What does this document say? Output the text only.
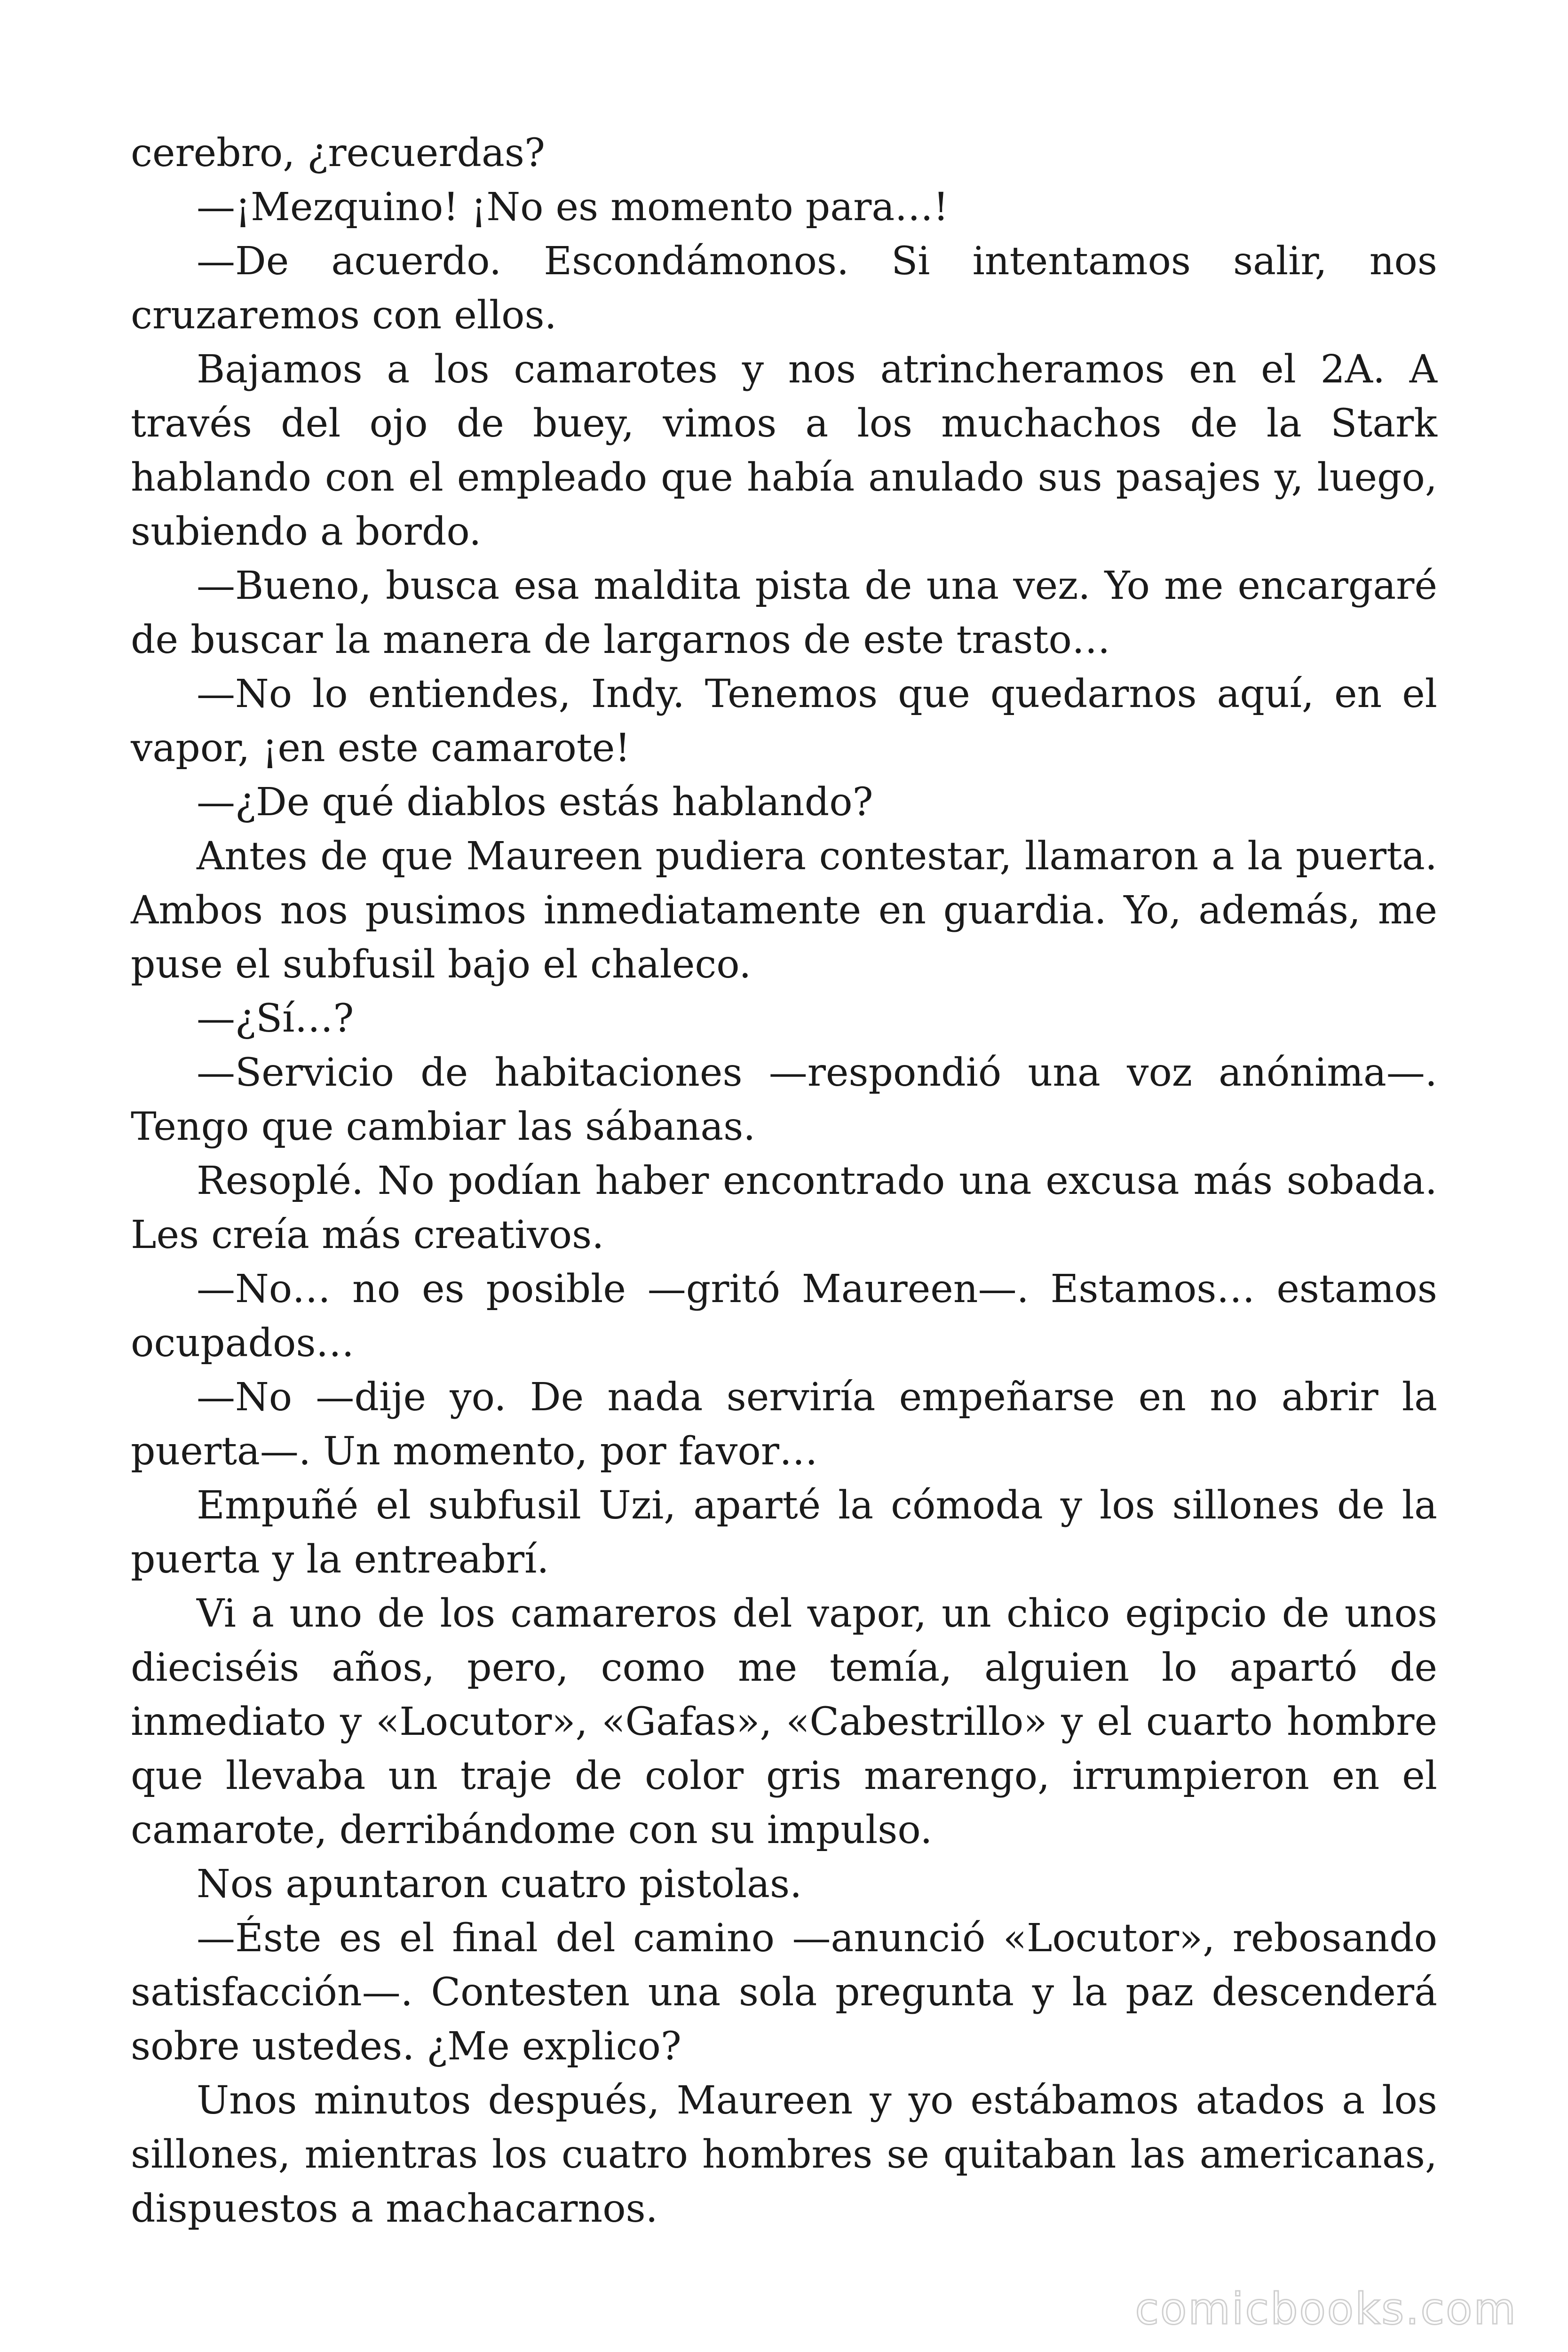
cerebro, ¿recuerdas?

—¡Mezquino! ¡No es momento para…!

—De acuerdo. Escondámonos. Si intentamos salir, nos cruzaremos con ellos.

Bajamos a los camarotes y nos atrincheramos en el 2A. A través del ojo de buey, vimos a los muchachos de la Stark hablando con el empleado que había anulado sus pasajes y, luego, subiendo a bordo.

—Bueno, busca esa maldita pista de una vez. Yo me encargaré de buscar la manera de largarnos de este trasto…

—No lo entiendes, Indy. Tenemos que quedarnos aquí, en el vapor, ¡en este camarote!

—¿De qué diablos estás hablando?

Antes de que Maureen pudiera contestar, llamaron a la puerta. Ambos nos pusimos inmediatamente en guardia. Yo, además, me puse el subfusil bajo el chaleco.

—¿Sí…?

—Servicio de habitaciones —respondió una voz anónima—. Tengo que cambiar las sábanas.

Resoplé. No podían haber encontrado una excusa más sobada. Les creía más creativos.

—No… no es posible —gritó Maureen—. Estamos… estamos ocupados…

—No —dije yo. De nada serviría empeñarse en no abrir la puerta—. Un momento, por favor…

Empuñé el subfusil Uzi, aparté la cómoda y los sillones de la puerta y la entreabrí.

Vi a uno de los camareros del vapor, un chico egipcio de unos dieciséis años, pero, como me temía, alguien lo apartó de inmediato y «Locutor», «Gafas», «Cabestrillo» y el cuarto hombre que llevaba un traje de color gris marengo, irrumpieron en el camarote, derribándome con su impulso.

Nos apuntaron cuatro pistolas.

—Éste es el final del camino —anunció «Locutor», rebosando satisfacción—. Contesten una sola pregunta y la paz descenderá sobre ustedes. ¿Me explico?

Unos minutos después, Maureen y yo estábamos atados a los sillones, mientras los cuatro hombres se quitaban las americanas, dispuestos a machacarnos.

comicbooks.com
